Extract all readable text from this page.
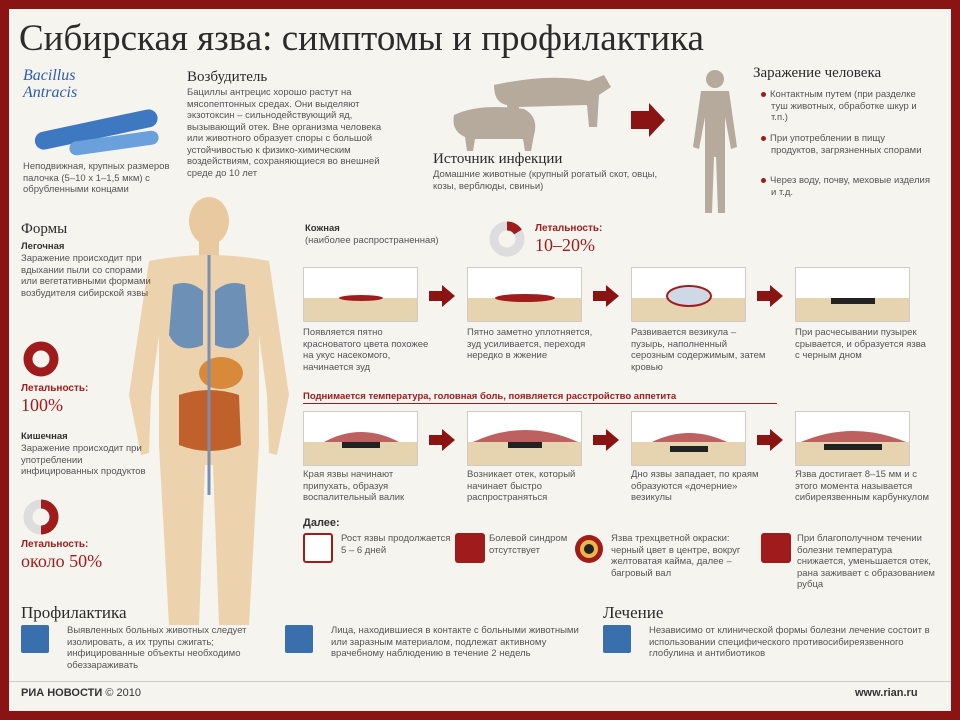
Сибирская язва: симптомы и профилактика
Bacillus
Antracis
Неподвижная, крупных размеров палочка (5–10 х 1–1,5 мкм) с обрубленными концами
Возбудитель
Бациллы антрецис хорошо растут на мясопептонных средах. Они выделяют экзотоксин – сильнодействующий яд, вызывающий отек. Вне организма человека или животного образует споры с большой устойчивостью к физико-химическим воздействиям, сохраняющиеся во внешней среде до 10 лет
Источник инфекции
Домашние животные (крупный рогатый скот, овцы, козы, верблюды, свиньи)
Заражение человека
Контактным путем (при разделке туш животных, обработке шкур и т.п.)
При употреблении в пищу продуктов, загрязненных спорами
Через воду, почву, меховые изделия и т.д.
Формы
Легочная
Заражение происходит при вдыхании пыли со спорами или вегетативными формами возбудителя сибирской язвы
Летальность:
100%
Кишечная
Заражение происходит при употреблении инфицированных продуктов
Летальность:
около 50%
Кожная
(наиболее распространенная)
Летальность:
10–20%
Появляется пятно красноватого цвета похожее на укус насекомого, начинается зуд
Пятно заметно уплотняется, зуд усиливается, переходя нередко в жжение
Развивается везикула – пузырь, наполненный серозным содержимым, затем кровью
При расчесывании пузырек срывается, и образуется язва с черным дном
Поднимается температура, головная боль, появляется расстройство аппетита
Края язвы начинают припухать, образуя воспалительный валик
Возникает отек, который начинает быстро распространяться
Дно язвы западает, по краям образуются «дочерние» везикулы
Язва достигает 8–15 мм и с этого момента называется сибиреязвенным карбункулом
Далее:
Рост язвы продолжается 5 – 6 дней
Болевой синдром отсутствует
Язва трехцветной окраски: черный цвет в центре, вокруг желтоватая кайма, далее – багровый вал
При благополучном течении болезни температура снижается, уменьшается отек, рана заживает с образованием рубца
Профилактика
Выявленных больных животных следует изолировать, а их трупы сжигать; инфицированные объекты необходимо обеззараживать
Лица, находившиеся в контакте с больными животными или заразным материалом, подлежат активному врачебному наблюдению в течение 2 недель
Лечение
Независимо от клинической формы болезни лечение состоит в использовании специфического противосибиреязвенного глобулина и антибиотиков
РИА НОВОСТИ © 2010	www.rian.ru
